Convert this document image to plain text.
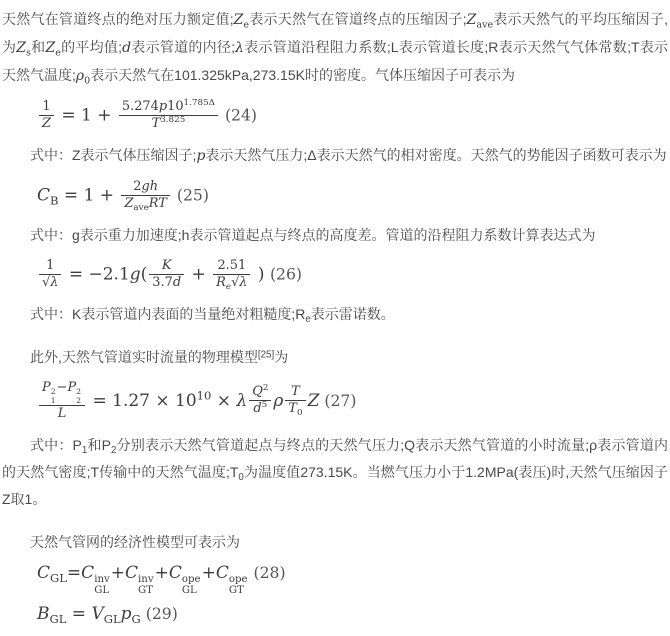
天然气在管道终点的绝对压力额定值$;Z_e$表示天然气在管道终点的压缩因子$;Z_{ave}$表示天然气的平均压缩因子,为$Z_s$和$Z_e$的平均值;d表示管道的内径;λ表示管道沿程阻力系数;L表示管道长度;R表示天然气气体常数;T表示天然气温度$;\rho_0$表示天然气在101.325kPa,273.15K时的密度。气体压缩因子可表示为

$\frac{1}{Z} = 1 + \frac{5.274p10^{1.785\Delta}}{T^{3.825}} (24)$

式中：Z表示气体压缩因子;p表示天然气压力;Δ表示天然气的相对密度。天然气的势能因子函数可表示为

$C_B = 1 + \frac{2gh}{Z_{ave}RT} (25)$

式中：g表示重力加速度;h表示管道起点与终点的高度差。管道的沿程阻力系数计算表达式为

$\frac{1}{√\lambda} = -2.1g( \frac{K}{3.7d} + \frac{2.51}{R_e√\lambda}$ ) (26)

式中：K表示管道内表面的当量绝对粗糙度$;R_e$表示雷诺数。

此外,天然气管道实时流量的物理模型[25]为

P 2
1
−P 2
2
$L = 1.27 \times 10^{10} \times \lambda \frac{Q^2}{d^5}$ ρ $\frac{T}{T_0}$ Z (27)

式中：$P_1$和$P_2$分别表示天然气管道起点与终点的天然气压力;Q表示天然气管道的小时流量;ρ表示管道内的天然气密度;T传输中的天然气温度$;T_0$为温度值273.15K。当燃气压力小于1.2MPa(表压)时,天然气压缩因子Z取1。

天然气管网的经济性模型可表示为

$C_{GL}=C$ inv
GL
+C inv
GT
+C ope
GL
+C ope
GT
(28)
$B_{GL} = V_{GL}p_G$ (29)
